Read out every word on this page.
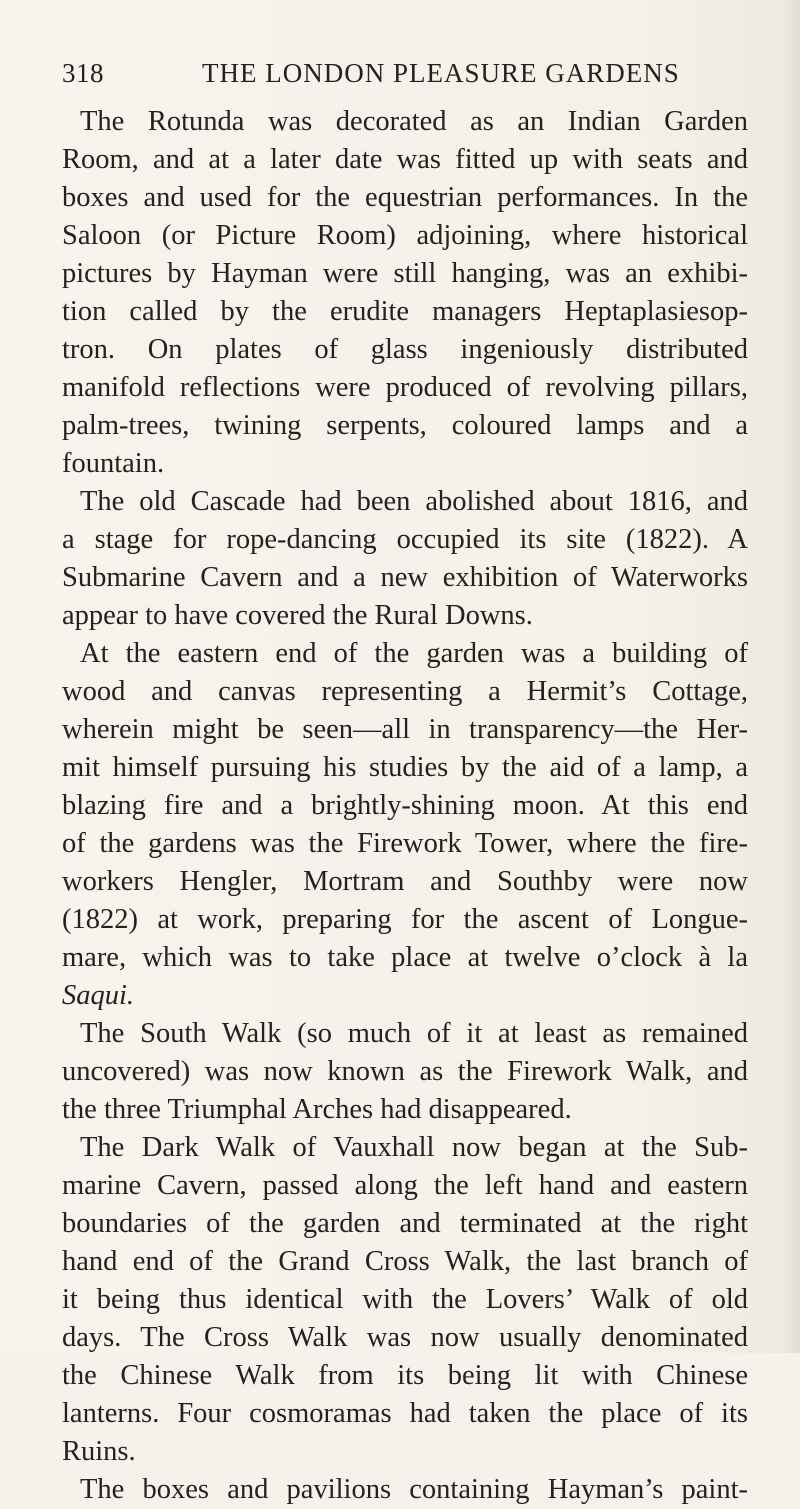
318	THE LONDON PLEASURE GARDENS
The Rotunda was decorated as an Indian Garden
Room, and at a later date was fitted up with seats and
boxes and used for the equestrian performances. In the
Saloon (or Picture Room) adjoining, where historical
pictures by Hayman were still hanging, was an exhibi-
tion called by the erudite managers Heptaplasiesop-
tron. On plates of glass ingeniously distributed
manifold reflections were produced of revolving pillars,
palm-trees, twining serpents, coloured lamps and a
fountain.
The old Cascade had been abolished about 1816, and
a stage for rope-dancing occupied its site (1822). A
Submarine Cavern and a new exhibition of Waterworks
appear to have covered the Rural Downs.
At the eastern end of the garden was a building of
wood and canvas representing a Hermit’s Cottage,
wherein might be seen—all in transparency—the Her-
mit himself pursuing his studies by the aid of a lamp, a
blazing fire and a brightly-shining moon. At this end
of the gardens was the Firework Tower, where the fire-
workers Hengler, Mortram and Southby were now
(1822) at work, preparing for the ascent of Longue-
mare, which was to take place at twelve o’clock à la
Saqui.
The South Walk (so much of it at least as remained
uncovered) was now known as the Firework Walk, and
the three Triumphal Arches had disappeared.
The Dark Walk of Vauxhall now began at the Sub-
marine Cavern, passed along the left hand and eastern
boundaries of the garden and terminated at the right
hand end of the Grand Cross Walk, the last branch of
it being thus identical with the Lovers’ Walk of old
days. The Cross Walk was now usually denominated
the Chinese Walk from its being lit with Chinese
lanterns. Four cosmoramas had taken the place of its
Ruins.
The boxes and pavilions containing Hayman’s paint-
